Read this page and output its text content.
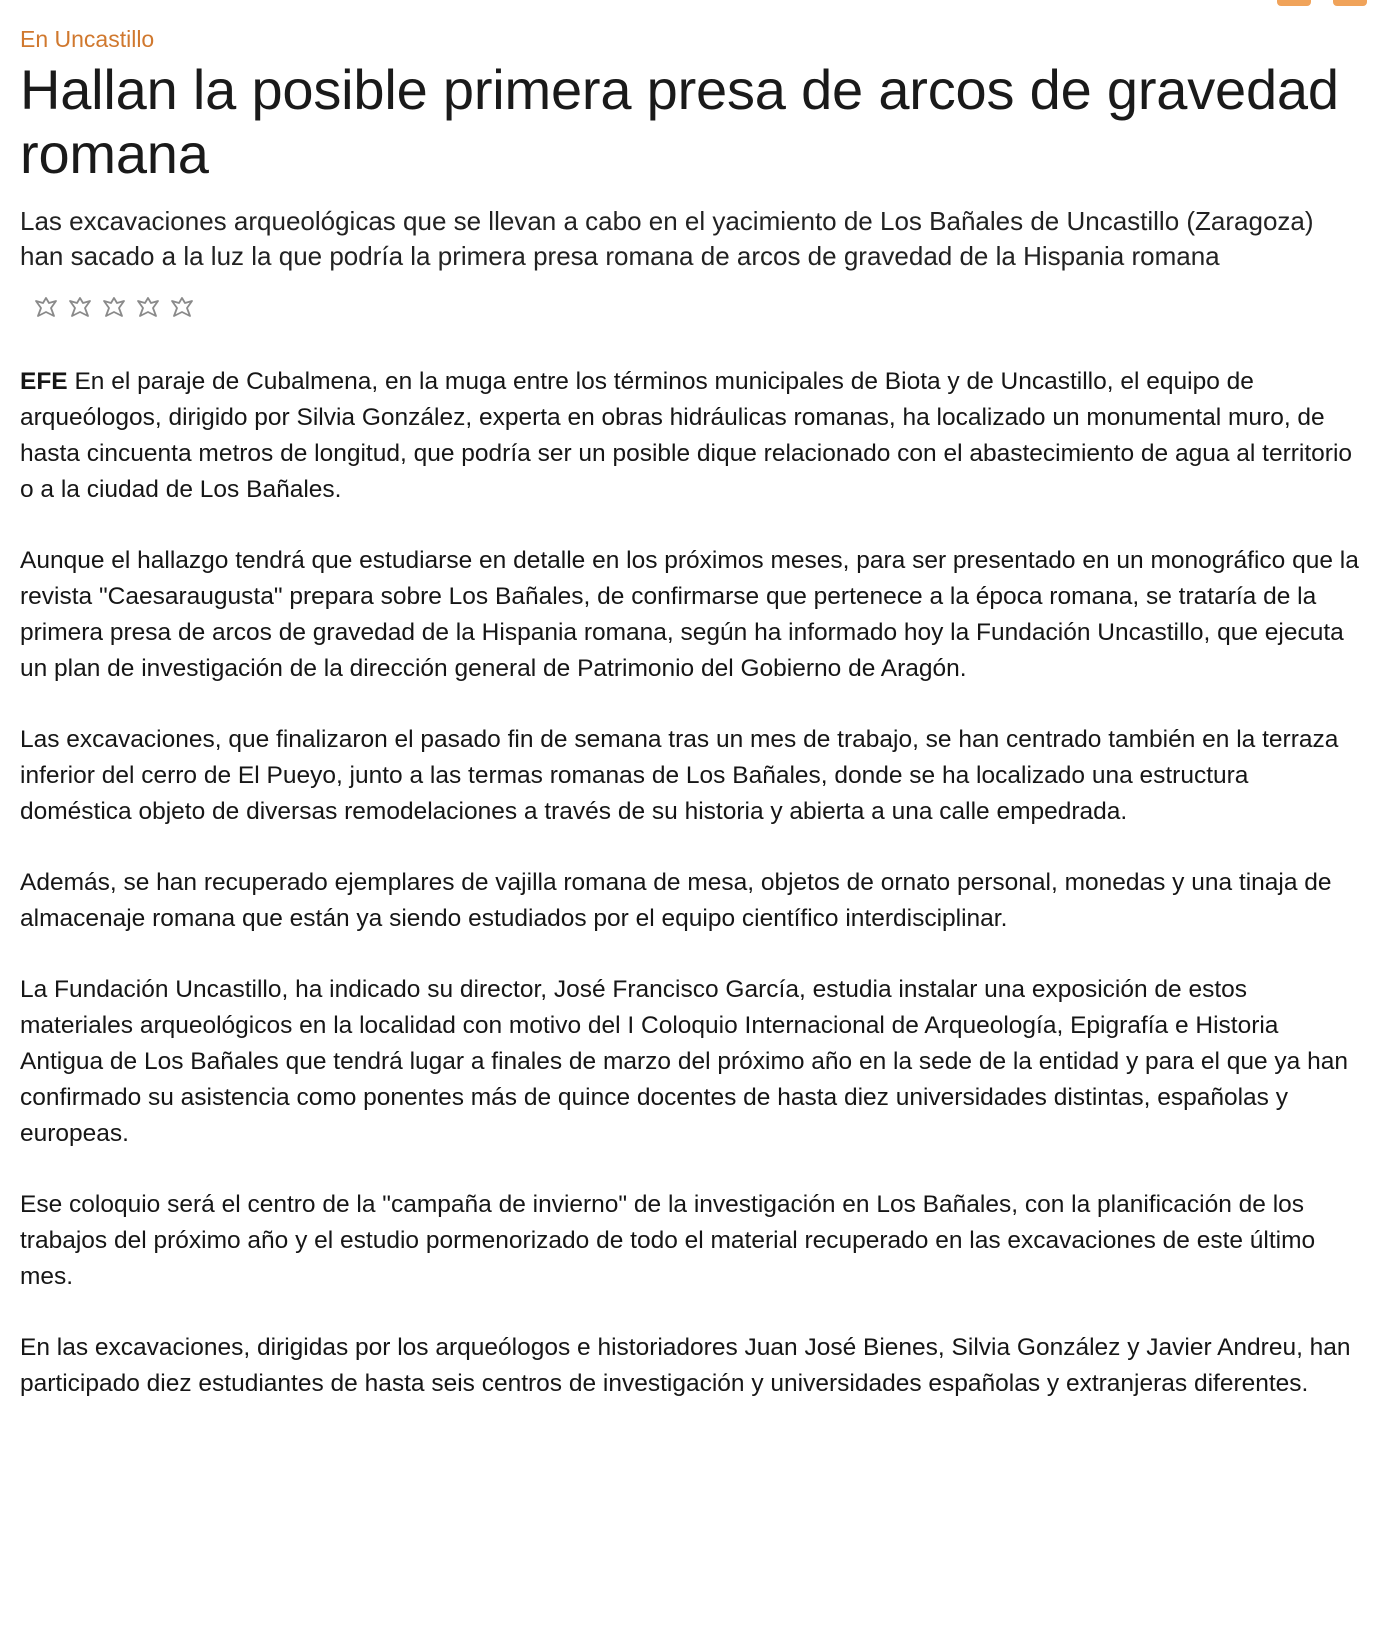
En Uncastillo
Hallan la posible primera presa de arcos de gravedad romana
Las excavaciones arqueológicas que se llevan a cabo en el yacimiento de Los Bañales de Uncastillo (Zaragoza) han sacado a la luz la que podría la primera presa romana de arcos de gravedad de la Hispania romana

EFE En el paraje de Cubalmena, en la muga entre los términos municipales de Biota y de Uncastillo, el equipo de arqueólogos, dirigido por Silvia González, experta en obras hidráulicas romanas, ha localizado un monumental muro, de hasta cincuenta metros de longitud, que podría ser un posible dique relacionado con el abastecimiento de agua al territorio o a la ciudad de Los Bañales.

Aunque el hallazgo tendrá que estudiarse en detalle en los próximos meses, para ser presentado en un monográfico que la revista "Caesaraugusta" prepara sobre Los Bañales, de confirmarse que pertenece a la época romana, se trataría de la primera presa de arcos de gravedad de la Hispania romana, según ha informado hoy la Fundación Uncastillo, que ejecuta un plan de investigación de la dirección general de Patrimonio del Gobierno de Aragón.

Las excavaciones, que finalizaron el pasado fin de semana tras un mes de trabajo, se han centrado también en la terraza inferior del cerro de El Pueyo, junto a las termas romanas de Los Bañales, donde se ha localizado una estructura doméstica objeto de diversas remodelaciones a través de su historia y abierta a una calle empedrada.

Además, se han recuperado ejemplares de vajilla romana de mesa, objetos de ornato personal, monedas y una tinaja de almacenaje romana que están ya siendo estudiados por el equipo científico interdisciplinar.

La Fundación Uncastillo, ha indicado su director, José Francisco García, estudia instalar una exposición de estos materiales arqueológicos en la localidad con motivo del I Coloquio Internacional de Arqueología, Epigrafía e Historia Antigua de Los Bañales que tendrá lugar a finales de marzo del próximo año en la sede de la entidad y para el que ya han confirmado su asistencia como ponentes más de quince docentes de hasta diez universidades distintas, españolas y europeas.

Ese coloquio será el centro de la "campaña de invierno" de la investigación en Los Bañales, con la planificación de los trabajos del próximo año y el estudio pormenorizado de todo el material recuperado en las excavaciones de este último mes.

En las excavaciones, dirigidas por los arqueólogos e historiadores Juan José Bienes, Silvia González y Javier Andreu, han participado diez estudiantes de hasta seis centros de investigación y universidades españolas y extranjeras diferentes.
